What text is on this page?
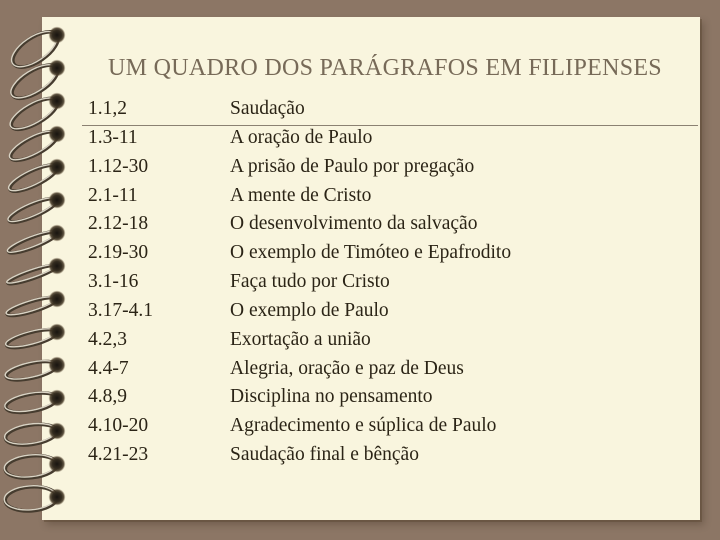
UM QUADRO DOS PARÁGRAFOS EM FILIPENSES
1.1,2	Saudação
1.3-11	A oração de Paulo
1.12-30	A prisão de Paulo por pregação
2.1-11	A mente de Cristo
2.12-18	O desenvolvimento da salvação
2.19-30	O exemplo de Timóteo e Epafrodito
3.1-16	Faça tudo por Cristo
3.17-4.1	O exemplo de Paulo
4.2,3	Exortação a união
4.4-7	Alegria, oração e paz de Deus
4.8,9	Disciplina no pensamento
4.10-20	Agradecimento e súplica de Paulo
4.21-23	Saudação final e bênção
